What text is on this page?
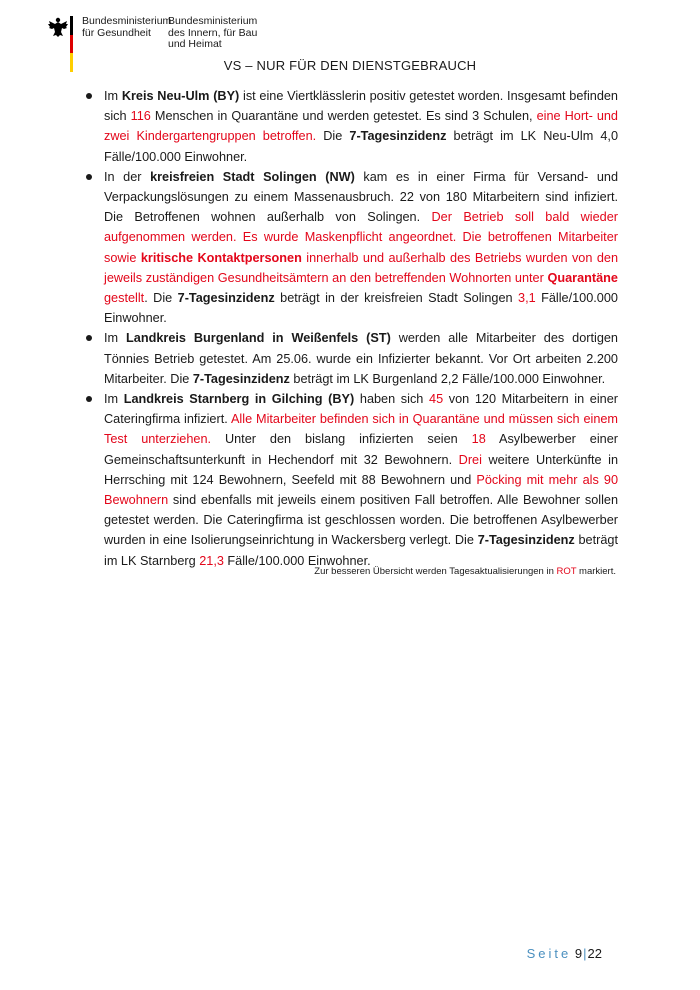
Bundesministerium
für Gesundheit
Bundesministerium
des Innern, für Bau
und Heimat
VS – NUR FÜR DEN DIENSTGEBRAUCH
Im Kreis Neu-Ulm (BY) ist eine Viertklässlerin positiv getestet worden. Insgesamt befinden sich 116 Menschen in Quarantäne und werden getestet. Es sind 3 Schulen, eine Hort- und zwei Kindergartengruppen betroffen. Die 7-Tagesinzidenz beträgt im LK Neu-Ulm 4,0 Fälle/100.000 Einwohner.
In der kreisfreien Stadt Solingen (NW) kam es in einer Firma für Versand- und Verpackungslösungen zu einem Massenausbruch. 22 von 180 Mitarbeitern sind infiziert. Die Betroffenen wohnen außerhalb von Solingen. Der Betrieb soll bald wieder aufgenommen werden. Es wurde Maskenpflicht angeordnet. Die betroffenen Mitarbeiter sowie kritische Kontaktpersonen innerhalb und außerhalb des Betriebs wurden von den jeweils zuständigen Gesundheitsämtern an den betreffenden Wohnorten unter Quarantäne gestellt. Die 7-Tagesinzidenz beträgt in der kreisfreien Stadt Solingen 3,1 Fälle/100.000 Einwohner.
Im Landkreis Burgenland in Weißenfels (ST) werden alle Mitarbeiter des dortigen Tönnies Betrieb getestet. Am 25.06. wurde ein Infizierter bekannt. Vor Ort arbeiten 2.200 Mitarbeiter. Die 7-Tagesinzidenz beträgt im LK Burgenland 2,2 Fälle/100.000 Einwohner.
Im Landkreis Starnberg in Gilching (BY) haben sich 45 von 120 Mitarbeitern in einer Cateringfirma infiziert. Alle Mitarbeiter befinden sich in Quarantäne und müssen sich einem Test unterziehen. Unter den bislang infizierten seien 18 Asylbewerber einer Gemeinschaftsunterkunft in Hechendorf mit 32 Bewohnern. Drei weitere Unterkünfte in Herrsching mit 124 Bewohnern, Seefeld mit 88 Bewohnern und Pöcking mit mehr als 90 Bewohnern sind ebenfalls mit jeweils einem positiven Fall betroffen. Alle Bewohner sollen getestet werden. Die Cateringfirma ist geschlossen worden. Die betroffenen Asylbewerber wurden in eine Isolierungseinrichtung in Wackersberg verlegt. Die 7-Tagesinzidenz beträgt im LK Starnberg 21,3 Fälle/100.000 Einwohner.
Zur besseren Übersicht werden Tagesaktualisierungen in ROT markiert.
Seite 9|22
